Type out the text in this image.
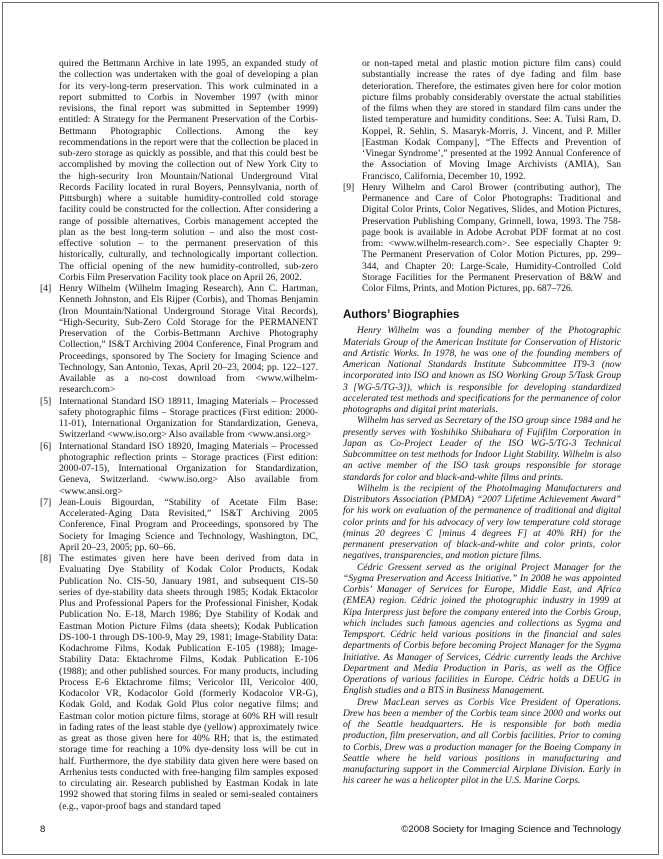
quired the Bettmann Archive in late 1995, an expanded study of the collection was undertaken with the goal of developing a plan for its very-long-term preservation. This work culminated in a report submitted to Corbis in November 1997 (with minor revisions, the final report was submitted in September 1999) entitled: A Strategy for the Permanent Preservation of the Corbis-Bettmann Photographic Collections. Among the key recommendations in the report were that the collection be placed in sub-zero storage as quickly as possible, and that this could best be accomplished by moving the collection out of New York City to the high-security Iron Mountain/National Underground Vital Records Facility located in rural Boyers, Pennsylvania, north of Pittsburgh) where a suitable humidity-controlled cold storage facility could be constructed for the collection. After considering a range of possible alternatives, Corbis management accepted the plan as the best long-term solution – and also the most cost-effective solution – to the permanent preservation of this historically, culturally, and technologically important collection. The official opening of the new humidity-controlled, sub-zero Corbis Film Preservation Facility took place on April 26, 2002.

[4] Henry Wilhelm (Wilhelm Imaging Research), Ann C. Hartman, Kenneth Johnston, and Els Rijper (Corbis), and Thomas Benjamin (Iron Mountain/National Underground Storage Vital Records), “High-Security, Sub-Zero Cold Storage for the PERMANENT Preservation of the Corbis-Bettmann Archive Photography Collection,” IS&T Archiving 2004 Conference, Final Program and Proceedings, sponsored by The Society for Imaging Science and Technology, San Antonio, Texas, April 20–23, 2004; pp. 122–127. Available as a no-cost download from <www.wilhelm-research.com>

[5] International Standard ISO 18911, Imaging Materials – Processed safety photographic films – Storage practices (First edition: 2000-11-01), International Organization for Standardization, Geneva, Switzerland <www.iso.org> Also available from <www.ansi.org>

[6] International Standard ISO 18920, Imaging Materials – Processed photographic reflection prints – Storage practices (First edition: 2000-07-15), International Organization for Standardization, Geneva, Switzerland. <www.iso.org> Also available from <www.ansi.org>

[7] Jean-Louis Bigourdan, “Stability of Acetate Film Base: Accelerated-Aging Data Revisited,” IS&T Archiving 2005 Conference, Final Program and Proceedings, sponsored by The Society for Imaging Science and Technology, Washington, DC, April 20–23, 2005; pp. 60–66.

[8] The estimates given here have been derived from data in Evaluating Dye Stability of Kodak Color Products, Kodak Publication No. CIS-50, January 1981, and subsequent CIS-50 series of dye-stability data sheets through 1985; Kodak Ektacolor Plus and Professional Papers for the Professional Finisher, Kodak Publication No. E-18, March 1986; Dye Stability of Kodak and Eastman Motion Picture Films (data sheets); Kodak Publication DS-100-1 through DS-100-9, May 29, 1981; Image-Stability Data: Kodachrome Films, Kodak Publication E-105 (1988); Image-Stability Data: Ektachrome Films, Kodak Publication E-106 (1988); and other published sources. For many products, including Process E-6 Ektachrome films; Vericolor III, Vericolor 400, Kodacolor VR, Kodacolor Gold (formerly Kodacolor VR-G), Kodak Gold, and Kodak Gold Plus color negative films; and Eastman color motion picture films, storage at 60% RH will result in fading rates of the least stable dye (yellow) approximately twice as great as those given here for 40% RH; that is, the estimated storage time for reaching a 10% dye-density loss will be cut in half. Furthermore, the dye stability data given here were based on Arrhenius tests conducted with free-hanging film samples exposed to circulating air. Research published by Eastman Kodak in late 1992 showed that storing films in sealed or semi-sealed containers (e.g., vapor-proof bags and standard taped

or non-taped metal and plastic motion picture film cans) could substantially increase the rates of dye fading and film base deterioration. Therefore, the estimates given here for color motion picture films probably considerably overstate the actual stabilities of the films when they are stored in standard film cans under the listed temperature and humidity conditions. See: A. Tulsi Ram, D. Koppel, R. Sehlin, S. Masaryk-Morris, J. Vincent, and P. Miller [Eastman Kodak Company], “The Effects and Prevention of ‘Vinegar Syndrome’,” presented at the 1992 Annual Conference of the Association of Moving Image Archivists (AMIA), San Francisco, California, December 10, 1992.

[9] Henry Wilhelm and Carol Brower (contributing author), The Permanence and Care of Color Photographs: Traditional and Digital Color Prints, Color Negatives, Slides, and Motion Pictures, Preservation Publishing Company, Grinnell, Iowa, 1993. The 758-page book is available in Adobe Acrobat PDF format at no cost from: <www.wilhelm-research.com>. See especially Chapter 9: The Permanent Preservation of Color Motion Pictures, pp. 299–344, and Chapter 20: Large-Scale, Humidity-Controlled Cold Storage Facilities for the Permanent Preservation of B&W and Color Films, Prints, and Motion Pictures, pp. 687–726.

Authors’ Biographies

Henry Wilhelm was a founding member of the Photographic Materials Group of the American Institute for Conservation of Historic and Artistic Works. In 1978, he was one of the founding members of American National Standards Institute Subcommittee IT9-3 (now incorporated into ISO and known as ISO Working Group 5/Task Group 3 [WG-5/TG-3]), which is responsible for developing standardized accelerated test methods and specifications for the permanence of color photographs and digital print materials.

Wilhelm has served as Secretary of the ISO group since 1984 and he presently serves with Yoshihiko Shibahara of Fujifilm Corporation in Japan as Co-Project Leader of the ISO WG-5/TG-3 Technical Subcommittee on test methods for Indoor Light Stability. Wilhelm is also an active member of the ISO task groups responsible for storage standards for color and black-and-white films and prints.

Wilhelm is the recipient of the PhotoImaging Manufacturers and Distributors Association (PMDA) “2007 Lifetime Achievement Award” for his work on evaluation of the permanence of traditional and digital color prints and for his advocacy of very low temperature cold storage (minus 20 degrees C [minus 4 degrees F] at 40% RH) for the permanent preservation of black-and-white and color prints, color negatives, transparencies, and motion picture films.

Cédric Gressent served as the original Project Manager for the “Sygma Preservation and Access Initiative.” In 2008 he was appointed Corbis’ Manager of Services for Europe, Middle East, and Africa (EMEA) region. Cédric joined the photographic industry in 1999 at Kipa Interpress just before the company entered into the Corbis Group, which includes such famous agencies and collections as Sygma and Tempsport. Cédric held various positions in the financial and sales departments of Corbis before becoming Project Manager for the Sygma Initiative. As Manager of Services, Cédric currently leads the Archive Department and Media Production in Paris, as well as the Office Operations of various facilities in Europe. Cédric holds a DEUG in English studies and a BTS in Business Management.

Drew MacLean serves as Corbis Vice President of Operations. Drew has been a member of the Corbis team since 2000 and works out of the Seattle headquarters. He is responsible for both media production, film preservation, and all Corbis facilities. Prior to coming to Corbis, Drew was a production manager for the Boeing Company in Seattle where he held various positions in manufacturing and manufacturing support in the Commercial Airplane Division. Early in his career he was a helicopter pilot in the U.S. Marine Corps.

8	©2008 Society for Imaging Science and Technology
